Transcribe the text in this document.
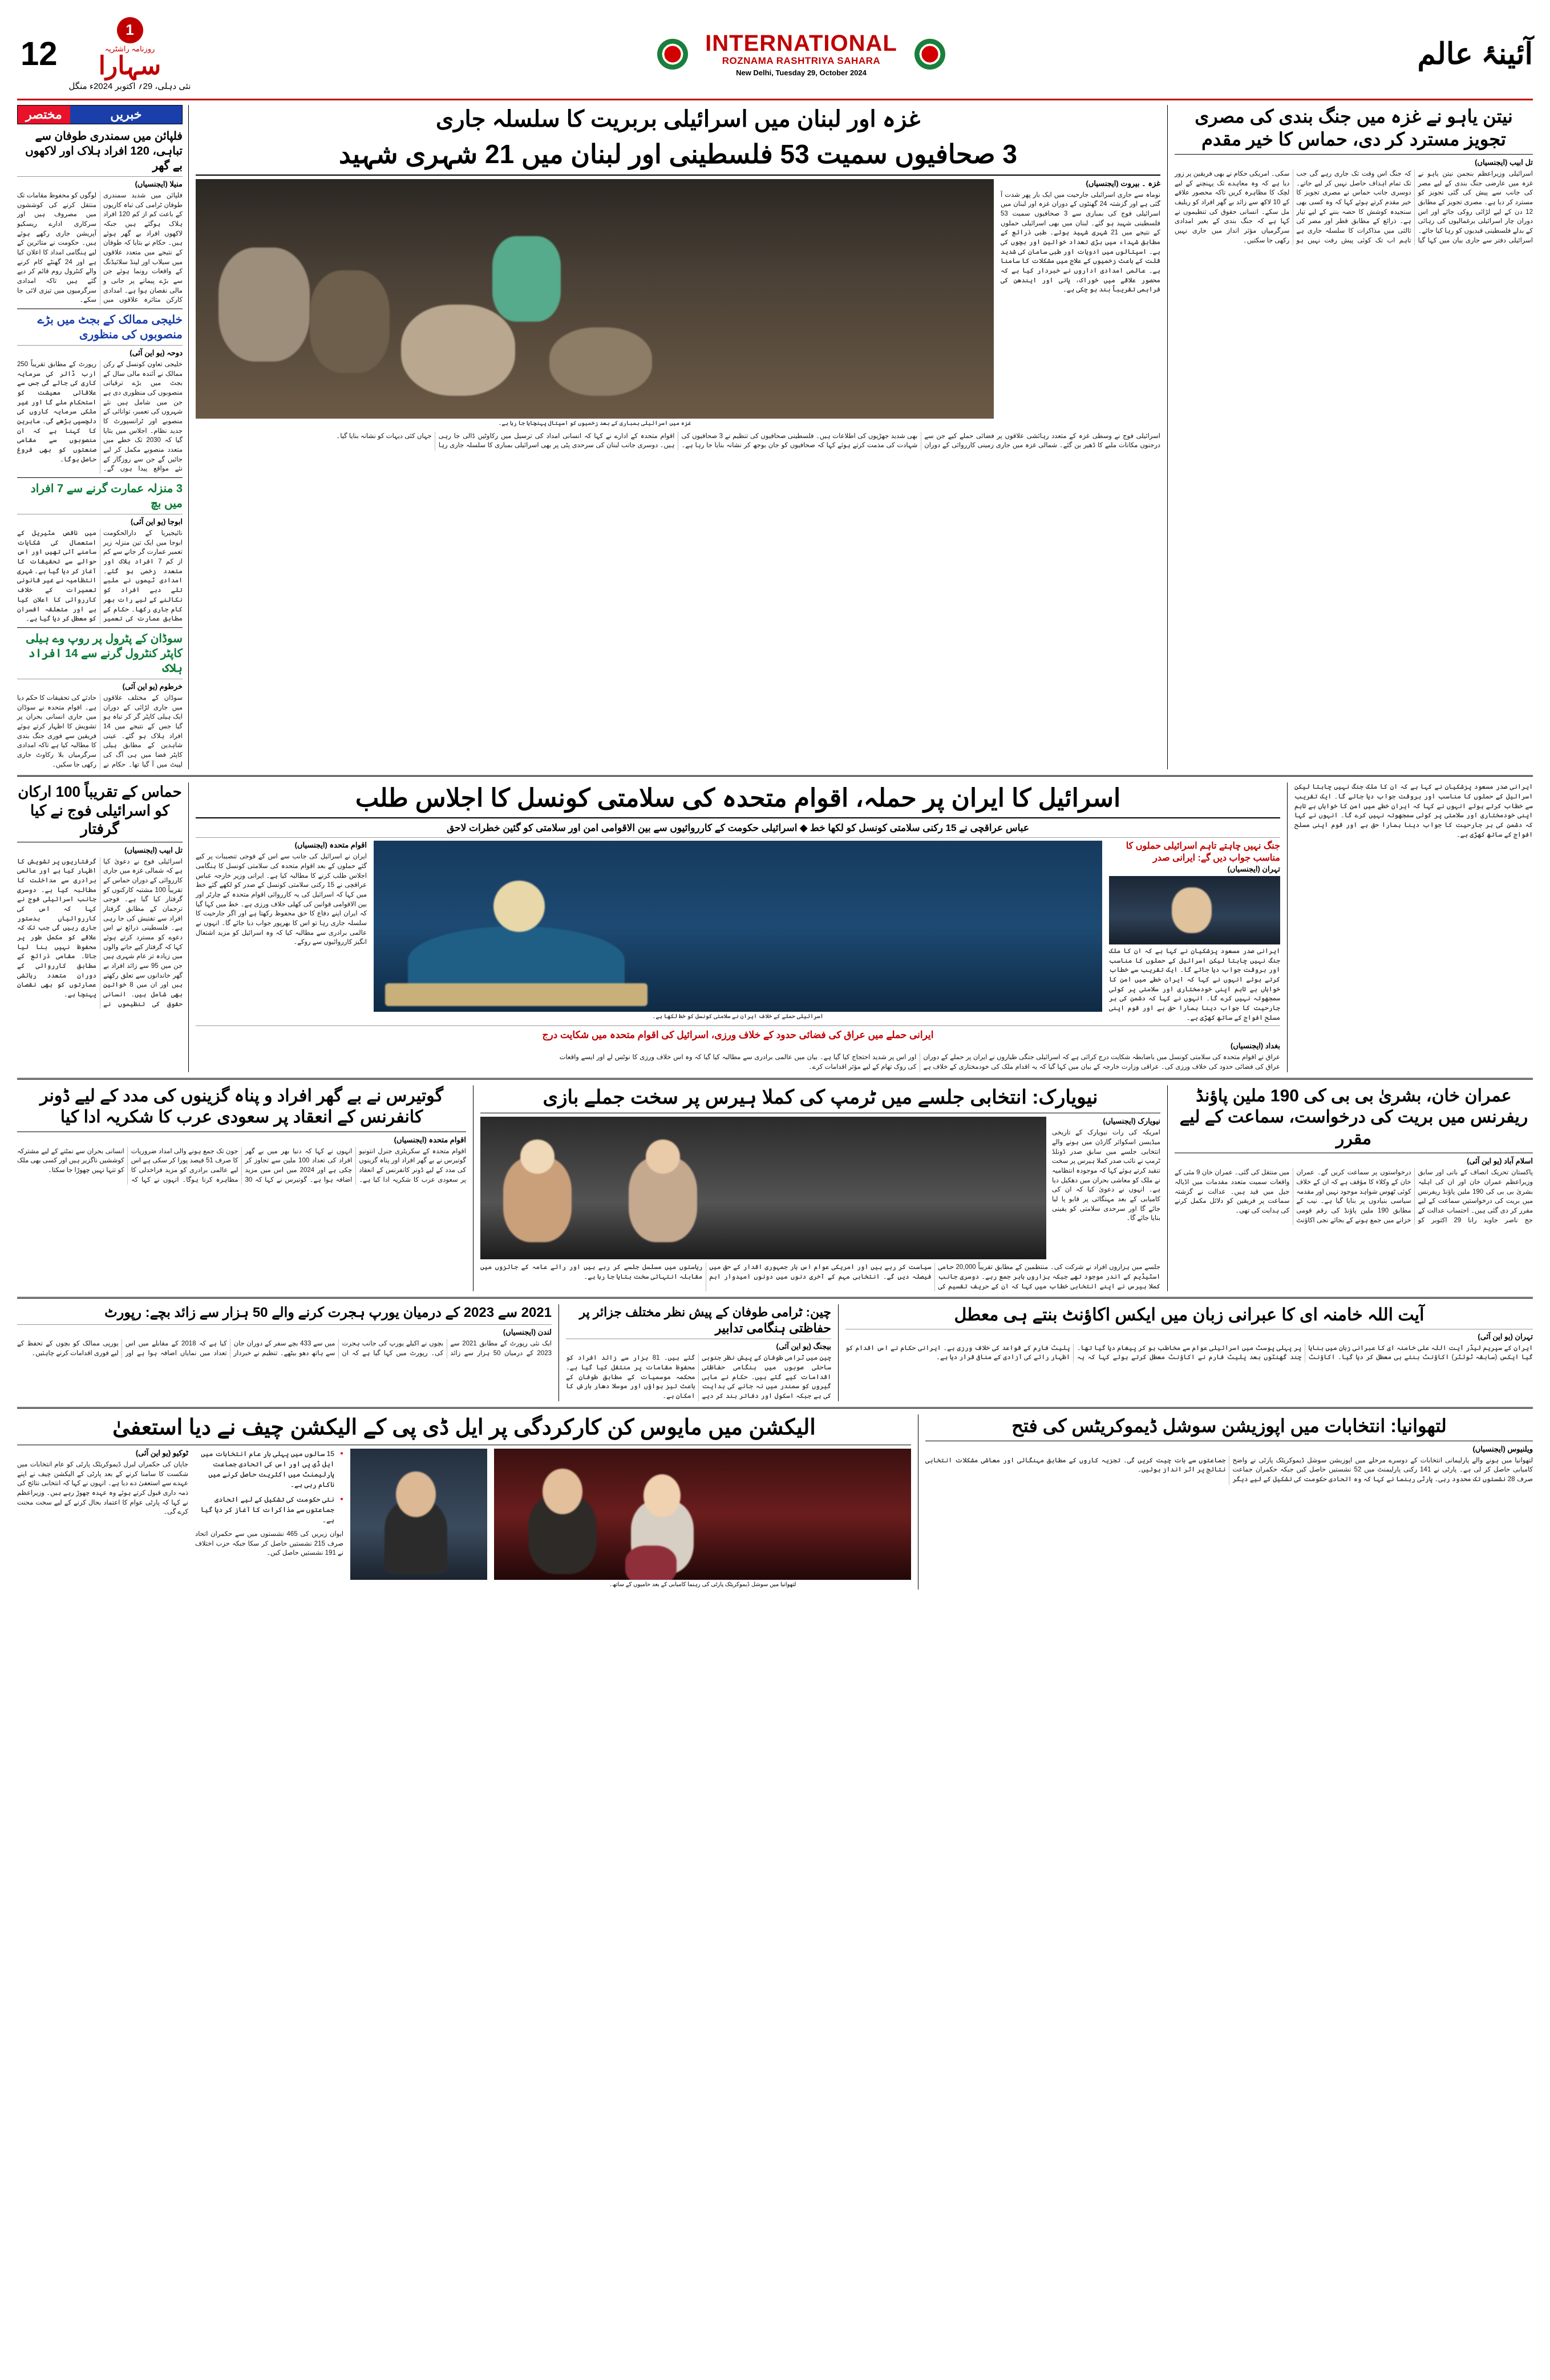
12
1
روزنامہ راشٹریہ
سہارا
نئی دہلی، 29؍ اکتوبر 2024ء منگل
INTERNATIONAL
ROZNAMA RASHTRIYA SAHARA
New Delhi, Tuesday 29, October 2024
آئینۂ عالم
مختصر	خبریں
فلپائن میں سمندری طوفان سے تباہی، 120 افراد ہلاک اور لاکھوں بے گھر
منیلا (ایجنسیاں)
فلپائن میں شدید سمندری طوفان ٹرامی کی تباہ کاریوں کے باعث کم از کم 120 افراد ہلاک ہوگئے ہیں جبکہ لاکھوں افراد بے گھر ہوئے ہیں۔ حکام نے بتایا کہ طوفان کے نتیجے میں متعدد علاقوں میں سیلاب اور لینڈ سلائیڈنگ کے واقعات رونما ہوئے جن سے بڑے پیمانے پر جانی و مالی نقصان ہوا ہے۔ امدادی کارکن متاثرہ علاقوں میں لوگوں کو محفوظ مقامات تک منتقل کرنے کی کوششوں میں مصروف ہیں اور سرکاری ادارے ریسکیو آپریشن جاری رکھے ہوئے ہیں۔ حکومت نے متاثرین کے لیے ہنگامی امداد کا اعلان کیا ہے اور 24 گھنٹے کام کرنے والے کنٹرول روم قائم کر دیے گئے ہیں تاکہ امدادی سرگرمیوں میں تیزی لائی جا سکے۔
خلیجی ممالک کے بجٹ میں بڑے منصوبوں کی منظوری
دوحہ (یو این آئی)
خلیجی تعاون کونسل کے رکن ممالک نے آئندہ مالی سال کے بجٹ میں بڑے ترقیاتی منصوبوں کی منظوری دی ہے جن میں شامل ہیں نئے شہروں کی تعمیر، توانائی کے منصوبے اور ٹرانسپورٹ کا جدید نظام۔ اجلاس میں بتایا گیا کہ 2030 تک خطے میں متعدد منصوبے مکمل کر لیے جائیں گے جن سے روزگار کے نئے مواقع پیدا ہوں گے۔ رپورٹ کے مطابق تقریباً 250 ارب ڈالر کی سرمایہ کاری کی جائے گی جس سے علاقائی معیشت کو استحکام ملے گا اور غیر ملکی سرمایہ کاروں کی دلچسپی بڑھے گی۔ ماہرین کا کہنا ہے کہ ان منصوبوں سے مقامی صنعتوں کو بھی فروغ حاصل ہوگا۔
3 منزلہ عمارت گرنے سے 7 افراد میں بچ
ابوجا (یو این آئی)
نائیجیریا کے دارالحکومت ابوجا میں ایک تین منزلہ زیر تعمیر عمارت گر جانے سے کم از کم 7 افراد ہلاک اور متعدد زخمی ہو گئے۔ امدادی ٹیموں نے ملبے تلے دبے افراد کو نکالنے کے لیے رات بھر کام جاری رکھا۔ حکام کے مطابق عمارت کی تعمیر میں ناقص مٹیریل کے استعمال کی شکایات سامنے آئی تھیں اور اس حوالے سے تحقیقات کا آغاز کر دیا گیا ہے۔ شہری انتظامیہ نے غیر قانونی تعمیرات کے خلاف کارروائی کا اعلان کیا ہے اور متعلقہ افسران کو معطل کر دیا گیا ہے۔
سوڈان کے پٹرول پر روپ وے ہیلی کاپٹر کنٹرول گرنے سے 14 افراد ہلاک
خرطوم (یو این آئی)
سوڈان کے مختلف علاقوں میں جاری لڑائی کے دوران ایک ہیلی کاپٹر گر کر تباہ ہو گیا جس کے نتیجے میں 14 افراد ہلاک ہو گئے۔ عینی شاہدین کے مطابق ہیلی کاپٹر فضا میں ہی آگ کی لپیٹ میں آ گیا تھا۔ حکام نے حادثے کی تحقیقات کا حکم دیا ہے۔ اقوام متحدہ نے سوڈان میں جاری انسانی بحران پر تشویش کا اظہار کرتے ہوئے فریقین سے فوری جنگ بندی کا مطالبہ کیا ہے تاکہ امدادی سرگرمیاں بلا رکاوٹ جاری رکھی جا سکیں۔
غزہ اور لبنان میں اسرائیلی بربریت کا سلسلہ جاری
3 صحافیوں سمیت 53 فلسطینی اور لبنان میں 21 شہری شہید
غزہ میں اسرائیلی بمباری کے بعد زخمیوں کو اسپتال پہنچایا جا رہا ہے۔
غزہ ۔ بیروت (ایجنسیاں)
نوماہ سے جاری اسرائیلی جارحیت میں ایک بار پھر شدت آ گئی ہے اور گزشتہ 24 گھنٹوں کے دوران غزہ اور لبنان میں اسرائیلی فوج کی بمباری سے 3 صحافیوں سمیت 53 فلسطینی شہید ہو گئے۔ لبنان میں بھی اسرائیلی حملوں کے نتیجے میں 21 شہری شہید ہوئے۔ طبی ذرائع کے مطابق شہداء میں بڑی تعداد خواتین اور بچوں کی ہے۔ اسپتالوں میں ادویات اور طبی سامان کی شدید قلت کے باعث زخمیوں کے علاج میں مشکلات کا سامنا ہے۔ عالمی امدادی اداروں نے خبردار کیا ہے کہ محصور علاقے میں خوراک، پانی اور ایندھن کی فراہمی تقریباً بند ہو چکی ہے۔
اسرائیلی فوج نے وسطی غزہ کے متعدد رہائشی علاقوں پر فضائی حملے کیے جن سے درجنوں مکانات ملبے کا ڈھیر بن گئے۔ شمالی غزہ میں جاری زمینی کارروائی کے دوران بھی شدید جھڑپوں کی اطلاعات ہیں۔ فلسطینی صحافیوں کی تنظیم نے 3 صحافیوں کی شہادت کی مذمت کرتے ہوئے کہا کہ صحافیوں کو جان بوجھ کر نشانہ بنایا جا رہا ہے۔ اقوام متحدہ کے ادارے نے کہا کہ انسانی امداد کی ترسیل میں رکاوٹیں ڈالی جا رہی ہیں۔ دوسری جانب لبنان کی سرحدی پٹی پر بھی اسرائیلی بمباری کا سلسلہ جاری رہا جہاں کئی دیہات کو نشانہ بنایا گیا۔
نیتن یاہو نے غزہ میں جنگ بندی کی مصری تجویز مسترد کر دی، حماس کا خیر مقدم
تل ابیب (ایجنسیاں)
اسرائیلی وزیراعظم بنجمن نیتن یاہو نے غزہ میں عارضی جنگ بندی کے لیے مصر کی جانب سے پیش کی گئی تجویز کو مسترد کر دیا ہے۔ مصری تجویز کے مطابق 12 دن کے لیے لڑائی روکی جائے اور اس دوران چار اسرائیلی یرغمالیوں کی رہائی کے بدلے فلسطینی قیدیوں کو رہا کیا جائے۔ اسرائیلی دفتر سے جاری بیان میں کہا گیا کہ جنگ اس وقت تک جاری رہے گی جب تک تمام اہداف حاصل نہیں کر لیے جاتے۔ دوسری جانب حماس نے مصری تجویز کا خیر مقدم کرتے ہوئے کہا کہ وہ کسی بھی سنجیدہ کوشش کا حصہ بننے کے لیے تیار ہے۔ ذرائع کے مطابق قطر اور مصر کی ثالثی میں مذاکرات کا سلسلہ جاری ہے تاہم اب تک کوئی پیش رفت نہیں ہو سکی۔ امریکی حکام نے بھی فریقین پر زور دیا ہے کہ وہ معاہدے تک پہنچنے کے لیے لچک کا مظاہرہ کریں تاکہ محصور علاقے کے 10 لاکھ سے زائد بے گھر افراد کو ریلیف مل سکے۔ انسانی حقوق کی تنظیموں نے کہا ہے کہ جنگ بندی کے بغیر امدادی سرگرمیاں مؤثر انداز میں جاری نہیں رکھی جا سکتیں۔
حماس کے تقریباً 100 ارکان کو اسرائیلی فوج نے کیا گرفتار
تل ابیب (ایجنسیاں)
اسرائیلی فوج نے دعویٰ کیا ہے کہ شمالی غزہ میں جاری کارروائی کے دوران حماس کے تقریباً 100 مشتبہ کارکنوں کو گرفتار کیا گیا ہے۔ فوجی ترجمان کے مطابق گرفتار افراد سے تفتیش کی جا رہی ہے۔ فلسطینی ذرائع نے اس دعوے کو مسترد کرتے ہوئے کہا کہ گرفتار کیے جانے والوں میں زیادہ تر عام شہری ہیں جن میں 95 سے زائد افراد بے گھر خاندانوں سے تعلق رکھتے ہیں اور ان میں 8 خواتین بھی شامل ہیں۔ انسانی حقوق کی تنظیموں نے گرفتاریوں پر تشویش کا اظہار کیا ہے اور عالمی برادری سے مداخلت کا مطالبہ کیا ہے۔ دوسری جانب اسرائیلی فوج نے کہا کہ اس کی کارروائیاں بدستور جاری رہیں گی جب تک کہ علاقے کو مکمل طور پر محفوظ نہیں بنا لیا جاتا۔ مقامی ذرائع کے مطابق کارروائی کے دوران متعدد رہائشی عمارتوں کو بھی نقصان پہنچا ہے۔
اسرائیل کا ایران پر حملہ، اقوام متحدہ کی سلامتی کونسل کا اجلاس طلب
عباس عراقچی نے 15 رکنی سلامتی کونسل کو لکھا خط ◆ اسرائیلی حکومت کے کارروائیوں سے بین الاقوامی امن اور سلامتی کو گئین خطرات لاحق
اقوام متحدہ (ایجنسیاں)
ایران نے اسرائیل کی جانب سے اس کے فوجی تنصیبات پر کیے گئے حملوں کے بعد اقوام متحدہ کی سلامتی کونسل کا ہنگامی اجلاس طلب کرنے کا مطالبہ کیا ہے۔ ایرانی وزیر خارجہ عباس عراقچی نے 15 رکنی سلامتی کونسل کے صدر کو لکھے گئے خط میں کہا کہ اسرائیل کی یہ کارروائی اقوام متحدہ کے چارٹر اور بین الاقوامی قوانین کی کھلی خلاف ورزی ہے۔ خط میں کہا گیا کہ ایران اپنے دفاع کا حق محفوظ رکھتا ہے اور اگر جارحیت کا سلسلہ جاری رہا تو اس کا بھرپور جواب دیا جائے گا۔ انہوں نے عالمی برادری سے مطالبہ کیا کہ وہ اسرائیل کو مزید اشتعال انگیز کارروائیوں سے روکے۔
اسرائیلی حملے کے خلاف ایران نے سلامتی کونسل کو خط لکھا ہے۔
جنگ نہیں چاہتے تاہم اسرائیلی حملوں کا مناسب جواب دیں گے: ایرانی صدر
تہران (ایجنسیاں)
ایرانی صدر مسعود پزشکیان نے کہا ہے کہ ان کا ملک جنگ نہیں چاہتا لیکن اسرائیل کے حملوں کا مناسب اور بروقت جواب دیا جائے گا۔ ایک تقریب سے خطاب کرتے ہوئے انہوں نے کہا کہ ایران خطے میں امن کا خواہاں ہے تاہم اپنی خودمختاری اور سلامتی پر کوئی سمجھوتہ نہیں کرے گا۔ انہوں نے کہا کہ دشمن کی ہر جارحیت کا جواب دینا ہمارا حق ہے اور قوم اپنی مسلح افواج کے ساتھ کھڑی ہے۔
ایرانی حملے میں عراق کی فضائی حدود کے خلاف ورزی، اسرائیل کی اقوام متحدہ میں شکایت درج
بغداد (ایجنسیاں)
عراق نے اقوام متحدہ کی سلامتی کونسل میں باضابطہ شکایت درج کرائی ہے کہ اسرائیلی جنگی طیاروں نے ایران پر حملے کے دوران عراق کی فضائی حدود کی خلاف ورزی کی۔ عراقی وزارت خارجہ کے بیان میں کہا گیا کہ یہ اقدام ملک کی خودمختاری کے خلاف ہے اور اس پر شدید احتجاج کیا گیا ہے۔ بیان میں عالمی برادری سے مطالبہ کیا گیا کہ وہ اس خلاف ورزی کا نوٹس لے اور ایسے واقعات کی روک تھام کے لیے مؤثر اقدامات کرے۔
ایرانی صدر مسعود پزشکیان نے کہا ہے کہ ان کا ملک جنگ نہیں چاہتا لیکن اسرائیل کے حملوں کا مناسب اور بروقت جواب دیا جائے گا۔ ایک تقریب سے خطاب کرتے ہوئے انہوں نے کہا کہ ایران خطے میں امن کا خواہاں ہے تاہم اپنی خودمختاری اور سلامتی پر کوئی سمجھوتہ نہیں کرے گا۔ انہوں نے کہا کہ دشمن کی ہر جارحیت کا جواب دینا ہمارا حق ہے اور قوم اپنی مسلح افواج کے ساتھ کھڑی ہے۔
گوتیرس نے بے گھر افراد و پناہ گزینوں کی مدد کے لیے ڈونر کانفرنس کے انعقاد پر سعودی عرب کا شکریہ ادا کیا
اقوام متحدہ (ایجنسیاں)
اقوام متحدہ کے سکریٹری جنرل انتونیو گوتیرس نے بے گھر افراد اور پناہ گزینوں کی مدد کے لیے ڈونر کانفرنس کے انعقاد پر سعودی عرب کا شکریہ ادا کیا ہے۔ انہوں نے کہا کہ دنیا بھر میں بے گھر افراد کی تعداد 100 ملین سے تجاوز کر چکی ہے اور 2024 میں اس میں مزید اضافہ ہوا ہے۔ گوتیرس نے کہا کہ 30 جون تک جمع ہونے والی امداد ضروریات کا صرف 51 فیصد پورا کر سکی ہے اس لیے عالمی برادری کو مزید فراخدلی کا مظاہرہ کرنا ہوگا۔ انہوں نے کہا کہ انسانی بحران سے نمٹنے کے لیے مشترکہ کوششیں ناگزیر ہیں اور کسی بھی ملک کو تنہا نہیں چھوڑا جا سکتا۔
نیویارک: انتخابی جلسے میں ٹرمپ کی کملا ہیرس پر سخت جملے بازی
نیویارک (ایجنسیاں)
امریکہ کی رات نیویارک کے تاریخی میڈیسن اسکوائر گارڈن میں ہونے والے انتخابی جلسے میں سابق صدر ڈونلڈ ٹرمپ نے نائب صدر کملا ہیرس پر سخت تنقید کرتے ہوئے کہا کہ موجودہ انتظامیہ نے ملک کو معاشی بحران میں دھکیل دیا ہے۔ انہوں نے دعویٰ کیا کہ ان کی کامیابی کے بعد مہنگائی پر قابو پا لیا جائے گا اور سرحدی سلامتی کو یقینی بنایا جائے گا۔
جلسے میں ہزاروں افراد نے شرکت کی۔ منتظمین کے مطابق تقریباً 20,000 حامی اسٹیڈیم کے اندر موجود تھے جبکہ ہزاروں باہر جمع رہے۔ دوسری جانب کملا ہیرس نے اپنے انتخابی خطاب میں کہا کہ ان کے حریف تقسیم کی سیاست کر رہے ہیں اور امریکی عوام اس بار جمہوری اقدار کے حق میں فیصلہ دیں گے۔ انتخابی مہم کے آخری دنوں میں دونوں امیدوار اہم ریاستوں میں مسلسل جلسے کر رہے ہیں اور رائے عامہ کے جائزوں میں مقابلہ انتہائی سخت بتایا جا رہا ہے۔
عمران خان، بشریٰ بی بی کی 190 ملین پاؤنڈ ریفرنس میں بریت کی درخواست، سماعت کے لیے مقرر
اسلام آباد (یو این آئی)
پاکستان تحریک انصاف کے بانی اور سابق وزیراعظم عمران خان اور ان کی اہلیہ بشریٰ بی بی کی 190 ملین پاؤنڈ ریفرنس میں بریت کی درخواستیں سماعت کے لیے مقرر کر دی گئی ہیں۔ احتساب عدالت کے جج ناصر جاوید رانا 29 اکتوبر کو درخواستوں پر سماعت کریں گے۔ عمران خان کے وکلاء کا مؤقف ہے کہ ان کے خلاف کوئی ٹھوس شواہد موجود نہیں اور مقدمہ سیاسی بنیادوں پر بنایا گیا ہے۔ نیب کے مطابق 190 ملین پاؤنڈ کی رقم قومی خزانے میں جمع ہونے کے بجائے نجی اکاؤنٹ میں منتقل کی گئی۔ عمران خان 9 مئی کے واقعات سمیت متعدد مقدمات میں اڈیالہ جیل میں قید ہیں۔ عدالت نے گزشتہ سماعت پر فریقین کو دلائل مکمل کرنے کی ہدایت کی تھی۔
2021 سے 2023 کے درمیان یورپ ہجرت کرنے والے 50 ہزار سے زائد بچے: رپورٹ
لندن (ایجنسیاں)
ایک نئی رپورٹ کے مطابق 2021 سے 2023 کے درمیان 50 ہزار سے زائد بچوں نے اکیلے یورپ کی جانب ہجرت کی۔ رپورٹ میں کہا گیا ہے کہ ان میں سے 433 بچے سفر کے دوران جان سے ہاتھ دھو بیٹھے۔ تنظیم نے خبردار کیا ہے کہ 2018 کے مقابلے میں اس تعداد میں نمایاں اضافہ ہوا ہے اور یورپی ممالک کو بچوں کے تحفظ کے لیے فوری اقدامات کرنے چاہئیں۔
چین: ٹرامی طوفان کے پیش نظر مختلف جزائر پر حفاظتی ہنگامی تدابیر
بیجنگ (یو این آئی)
چین میں ٹرامی طوفان کے پیش نظر جنوبی ساحلی صوبوں میں ہنگامی حفاظتی اقدامات کیے گئے ہیں۔ حکام نے ماہی گیروں کو سمندر میں نہ جانے کی ہدایت کی ہے جبکہ اسکول اور دفاتر بند کر دیے گئے ہیں۔ 81 ہزار سے زائد افراد کو محفوظ مقامات پر منتقل کیا گیا ہے۔ محکمہ موسمیات کے مطابق طوفان کے باعث تیز ہواؤں اور موسلا دھار بارش کا امکان ہے۔
آیت اللہ خامنہ ای کا عبرانی زبان میں ایکس اکاؤنٹ بنتے ہی معطل
تہران (یو این آئی)
ایران کے سپریم لیڈر آیت اللہ علی خامنہ ای کا عبرانی زبان میں بنایا گیا ایکس (سابقہ ٹوئٹر) اکاؤنٹ بنتے ہی معطل کر دیا گیا۔ اکاؤنٹ پر پہلی پوسٹ میں اسرائیلی عوام سے مخاطب ہو کر پیغام دیا گیا تھا۔ چند گھنٹوں بعد پلیٹ فارم نے اکاؤنٹ معطل کرتے ہوئے کہا کہ یہ پلیٹ فارم کے قواعد کی خلاف ورزی ہے۔ ایرانی حکام نے اس اقدام کو اظہار رائے کی آزادی کے منافی قرار دیا ہے۔
الیکشن میں مایوس کن کارکردگی پر ایل ڈی پی کے الیکشن چیف نے دیا استعفیٰ
ٹوکیو (یو این آئی)
جاپان کی حکمراں لبرل ڈیموکریٹک پارٹی کو عام انتخابات میں شکست کا سامنا کرنے کے بعد پارٹی کے الیکشن چیف نے اپنے عہدے سے استعفیٰ دے دیا ہے۔ انہوں نے کہا کہ انتخابی نتائج کی ذمہ داری قبول کرتے ہوئے وہ عہدہ چھوڑ رہے ہیں۔ وزیراعظم نے کہا کہ پارٹی عوام کا اعتماد بحال کرنے کے لیے سخت محنت کرے گی۔
● 15 سالوں میں پہلی بار عام انتخابات میں ایل ڈی پی اور اس کی اتحادی جماعت پارلیمنٹ میں اکثریت حاصل کرنے میں ناکام رہی ہے۔
● نئی حکومت کی تشکیل کے لیے اتحادی جماعتوں سے مذاکرات کا آغاز کر دیا گیا ہے۔
ایوان زیریں کی 465 نشستوں میں سے حکمران اتحاد صرف 215 نشستیں حاصل کر سکا جبکہ حزب اختلاف نے 191 نشستیں حاصل کیں۔
لتھوانیا میں سوشل ڈیموکریٹک پارٹی کی رہنما کامیابی کے بعد حامیوں کے ساتھ۔
لتھوانیا: انتخابات میں اپوزیشن سوشل ڈیموکریٹس کی فتح
ویلنیوس (ایجنسیاں)
لتھوانیا میں ہونے والے پارلیمانی انتخابات کے دوسرے مرحلے میں اپوزیشن سوشل ڈیموکریٹک پارٹی نے واضح کامیابی حاصل کر لی ہے۔ پارٹی نے 141 رکنی پارلیمنٹ میں 52 نشستیں حاصل کیں جبکہ حکمران جماعت صرف 28 نشستوں تک محدود رہی۔ پارٹی رہنما نے کہا کہ وہ اتحادی حکومت کی تشکیل کے لیے دیگر جماعتوں سے بات چیت کریں گی۔ تجزیہ کاروں کے مطابق مہنگائی اور معاشی مشکلات انتخابی نتائج پر اثر انداز ہوئیں۔
